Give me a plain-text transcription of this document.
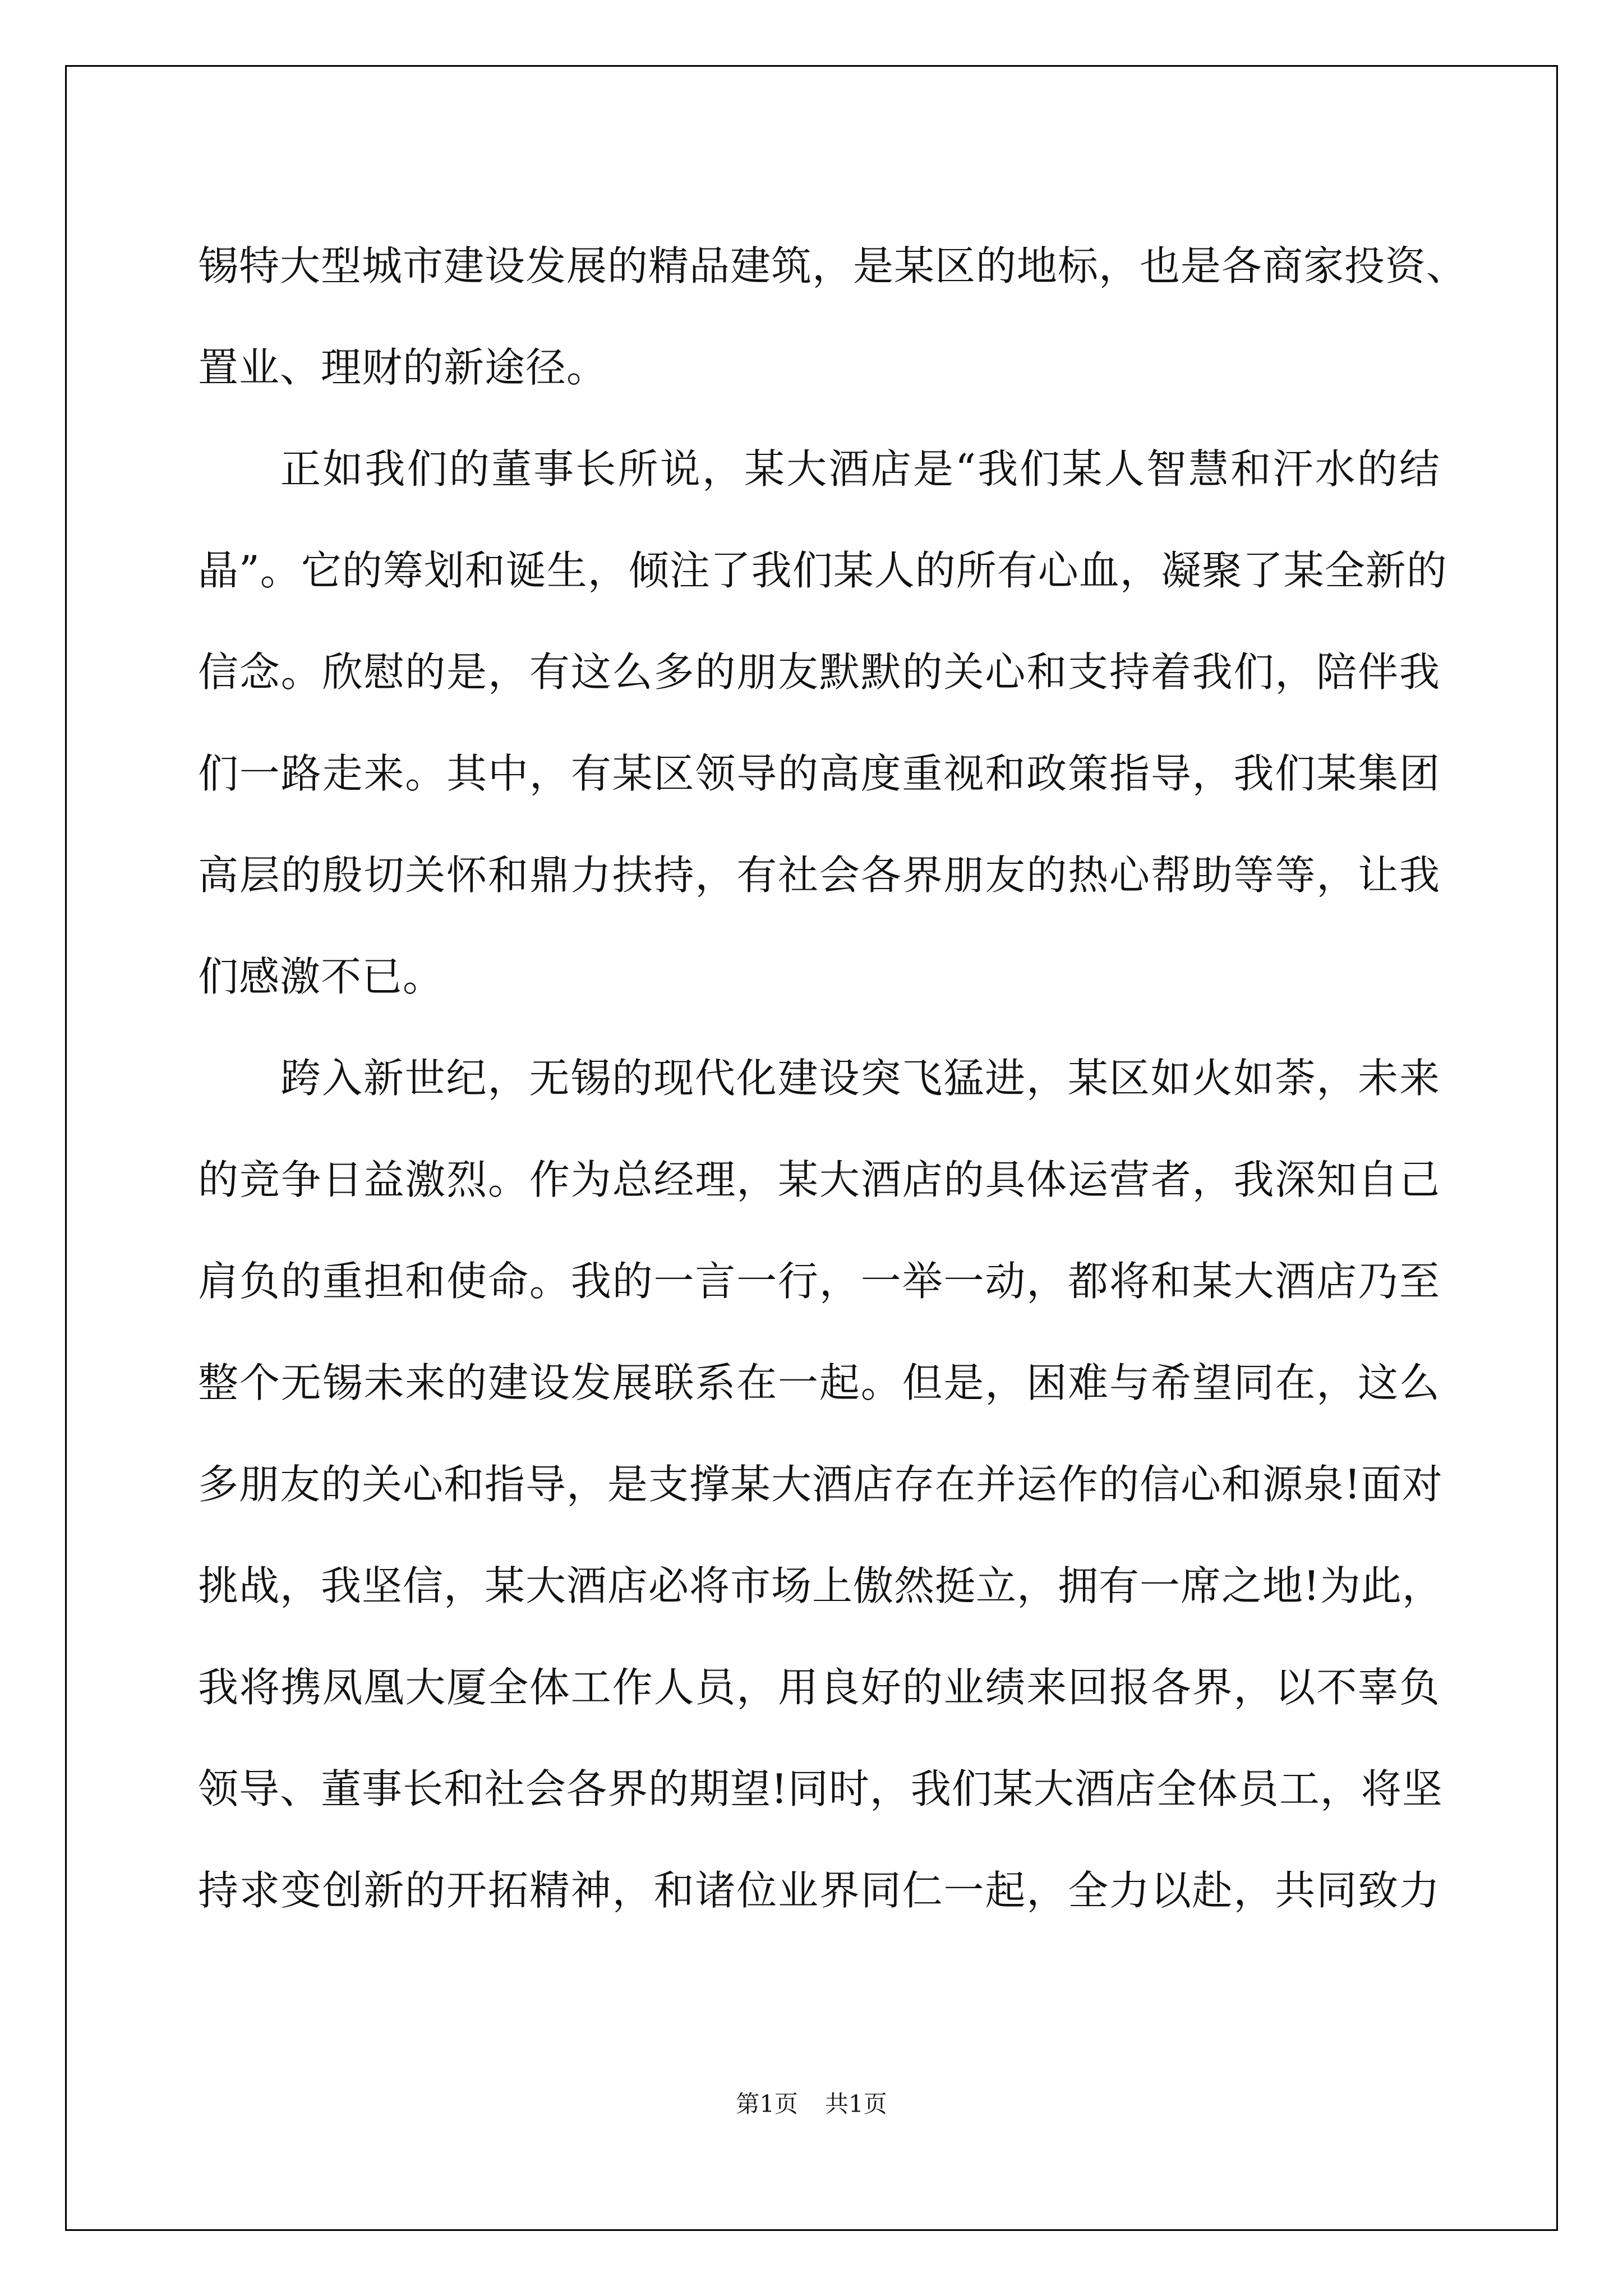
锡特大型城市建设发展的精品建筑，是某区的地标，也是各商家投资、
置业、理财的新途径。
正如我们的董事长所说，某大酒店是“我们某人智慧和汗水的结
晶”。它的筹划和诞生，倾注了我们某人的所有心血，凝聚了某全新的
信念。欣慰的是，有这么多的朋友默默的关心和支持着我们，陪伴我
们一路走来。其中，有某区领导的高度重视和政策指导，我们某集团
高层的殷切关怀和鼎力扶持，有社会各界朋友的热心帮助等等，让我
们感激不已。
跨入新世纪，无锡的现代化建设突飞猛进，某区如火如荼，未来
的竞争日益激烈。作为总经理，某大酒店的具体运营者，我深知自己
肩负的重担和使命。我的一言一行，一举一动，都将和某大酒店乃至
整个无锡未来的建设发展联系在一起。但是，困难与希望同在，这么
多朋友的关心和指导，是支撑某大酒店存在并运作的信心和源泉!面对
挑战，我坚信，某大酒店必将市场上傲然挺立，拥有一席之地!为此，
我将携凤凰大厦全体工作人员，用良好的业绩来回报各界，以不辜负
领导、董事长和社会各界的期望!同时，我们某大酒店全体员工，将坚
持求变创新的开拓精神，和诸位业界同仁一起，全力以赴，共同致力
第1页 共1页
